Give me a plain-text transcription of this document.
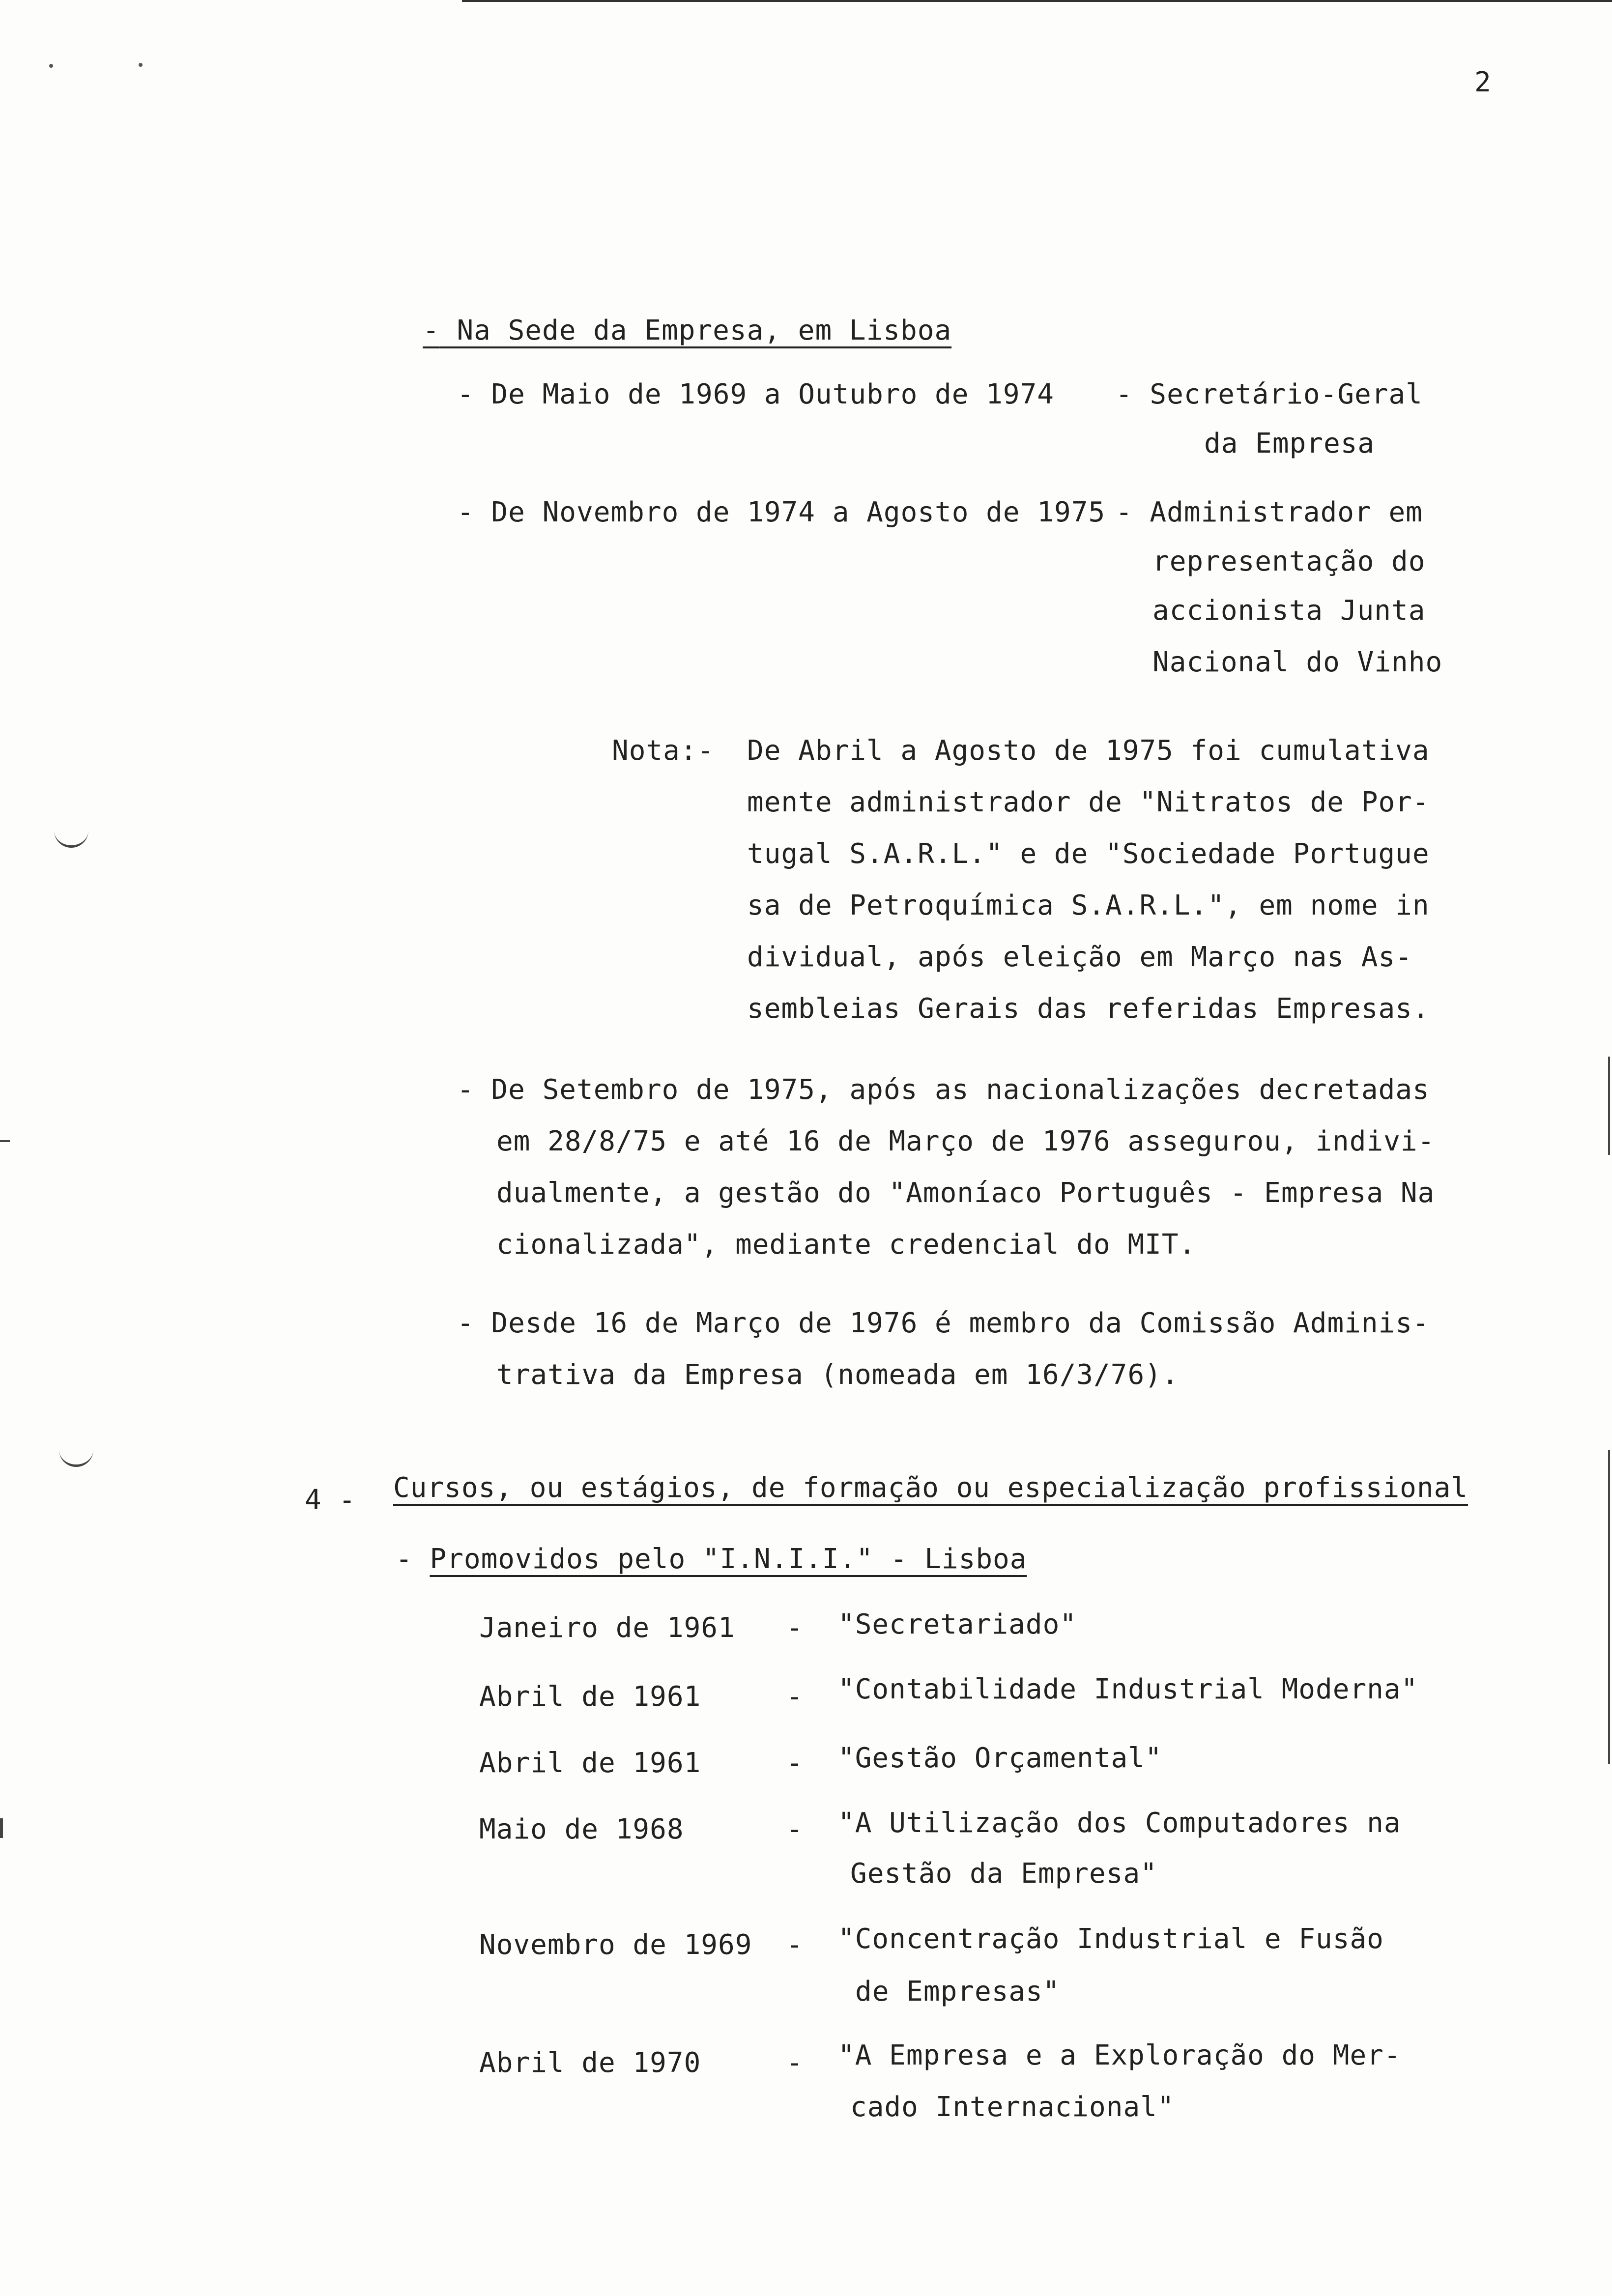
2
- Na Sede da Empresa, em Lisboa
- De Maio de 1969 a Outubro de 1974 - Secretário-Geral
da Empresa
- De Novembro de 1974 a Agosto de 1975 - Administrador em
representação do
accionista Junta
Nacional do Vinho
Nota:- De Abril a Agosto de 1975 foi cumulativa
mente administrador de "Nitratos de Por-
tugal S.A.R.L." e de "Sociedade Portugue
sa de Petroquímica S.A.R.L.", em nome in
dividual, após eleição em Março nas As-
sembleias Gerais das referidas Empresas.
- De Setembro de 1975, após as nacionalizações decretadas
em 28/8/75 e até 16 de Março de 1976 assegurou, indivi-
dualmente, a gestão do "Amoníaco Português - Empresa Na
cionalizada", mediante credencial do MIT.
- Desde 16 de Março de 1976 é membro da Comissão Adminis-
trativa da Empresa (nomeada em 16/3/76).
4 - Cursos, ou estágios, de formação ou especialização profissional
- Promovidos pelo "I.N.I.I." - Lisboa
Janeiro de 1961 - "Secretariado"
Abril de 1961	- "Contabilidade Industrial Moderna"
Abril de 1961	- "Gestão Orçamental"
Maio de 1968	- "A Utilização dos Computadores na
Gestão da Empresa"
Novembro de 1969 - "Concentração Industrial e Fusão
de Empresas"
Abril de 1970	- "A Empresa e a Exploração do Mer-
cado Internacional"
